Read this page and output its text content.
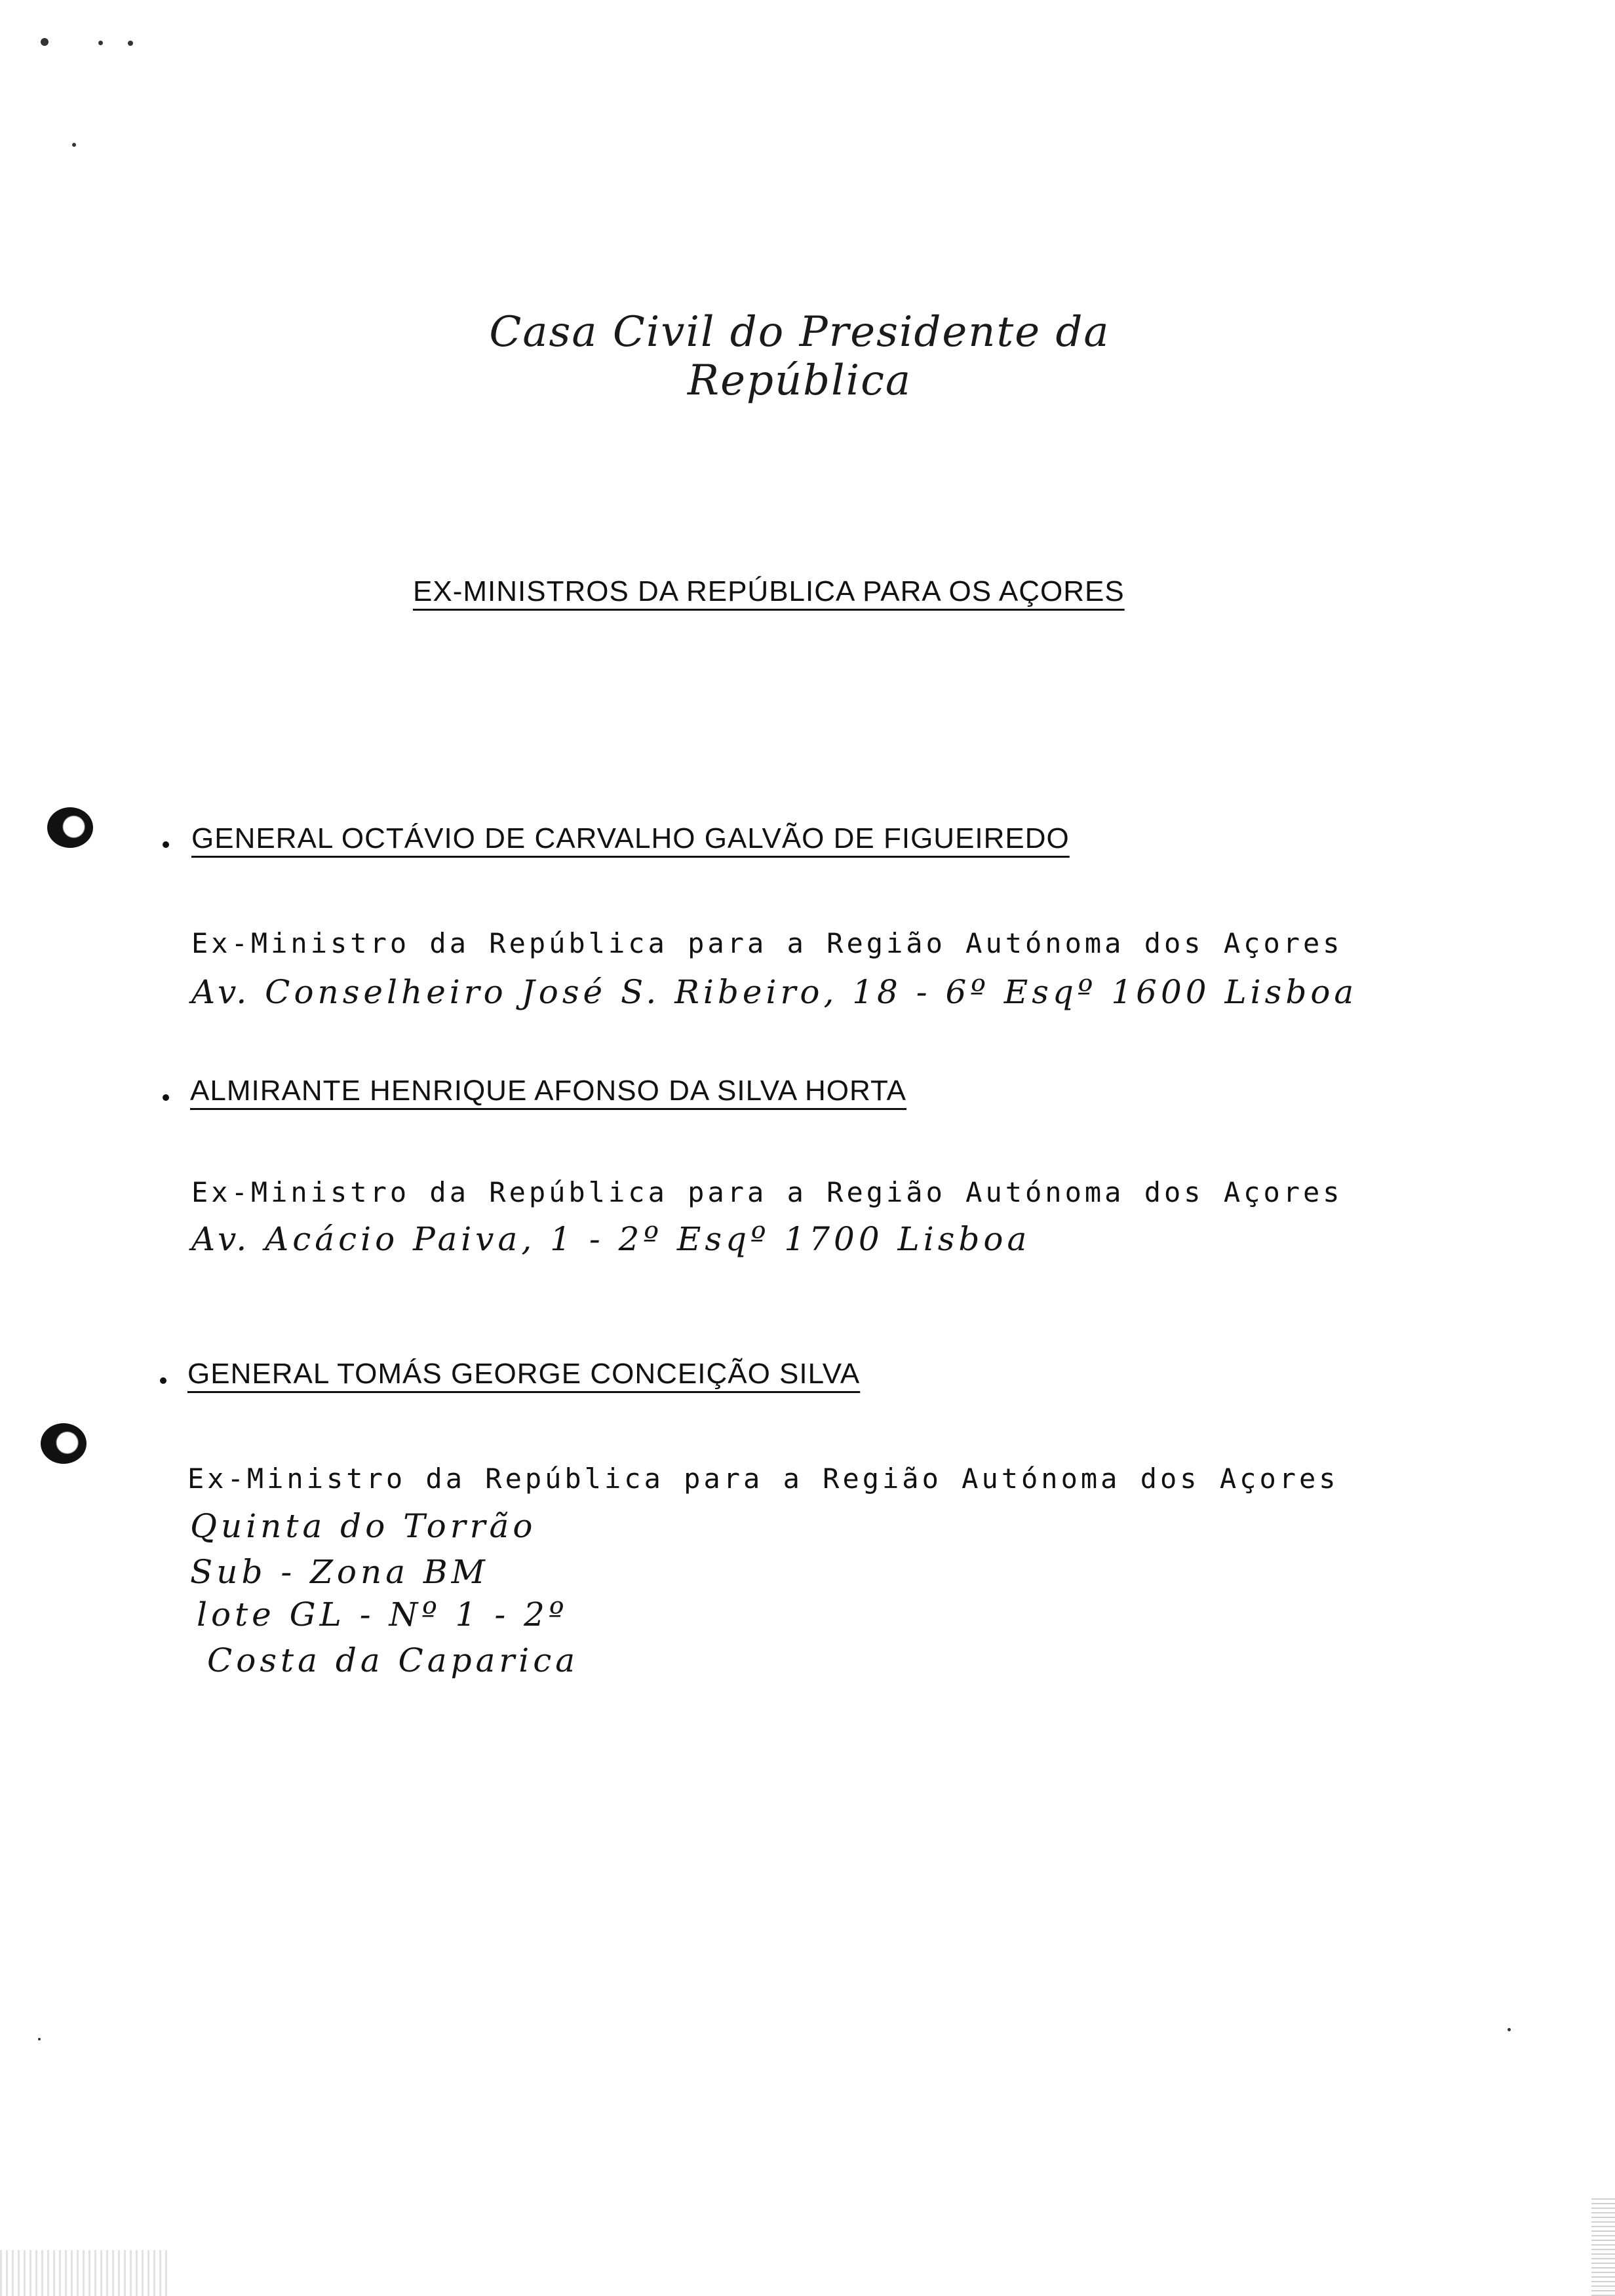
Casa Civil do Presidente da República
EX-MINISTROS DA REPÚBLICA PARA OS AÇORES
GENERAL OCTÁVIO DE CARVALHO GALVÃO DE FIGUEIREDO
Ex-Ministro da República para a Região Autónoma dos Açores
Av. Conselheiro José S. Ribeiro, 18 - 6º Esqº 1600 Lisboa
ALMIRANTE HENRIQUE AFONSO DA SILVA HORTA
Ex-Ministro da República para a Região Autónoma dos Açores
Av. Acácio Paiva, 1 - 2º Esqº 1700 Lisboa
GENERAL TOMÁS GEORGE CONCEIÇÃO SILVA
Ex-Ministro da República para a Região Autónoma dos Açores
Quinta do Torrão
Sub - Zona BM
lote GL - Nº 1 - 2º
Costa da Caparica
